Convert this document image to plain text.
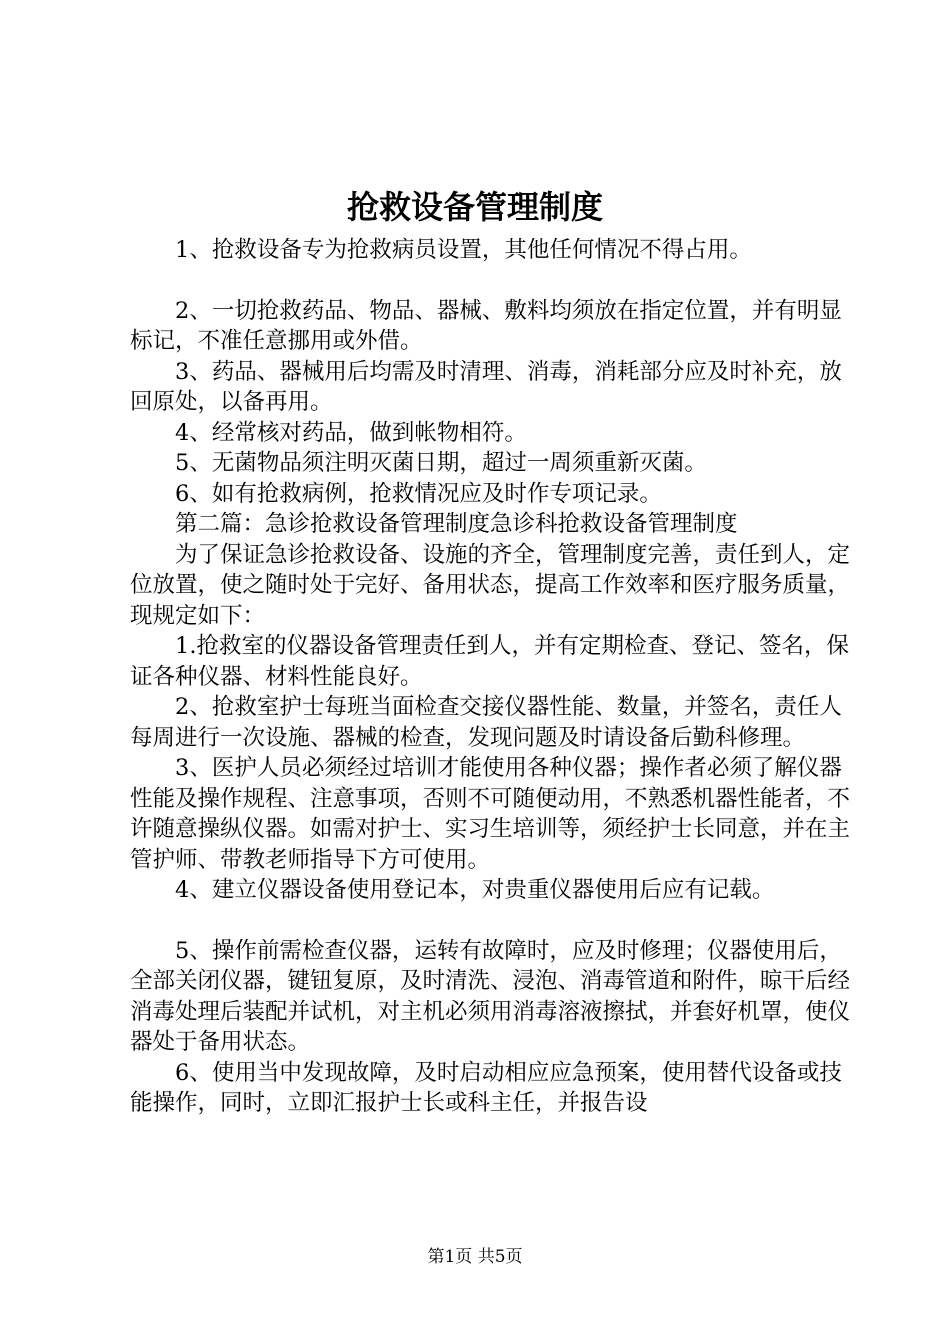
抢救设备管理制度

1、抢救设备专为抢救病员设置，其他任何情况不得占用。

2、一切抢救药品、物品、器械、敷料均须放在指定位置，并有明显标记，不准任意挪用或外借。

3、药品、器械用后均需及时清理、消毒，消耗部分应及时补充，放回原处，以备再用。

4、经常核对药品，做到帐物相符。

5、无菌物品须注明灭菌日期，超过一周须重新灭菌。

6、如有抢救病例，抢救情况应及时作专项记录。

第二篇：急诊抢救设备管理制度急诊科抢救设备管理制度

为了保证急诊抢救设备、设施的齐全，管理制度完善，责任到人，定位放置，使之随时处于完好、备用状态，提高工作效率和医疗服务质量，现规定如下：

1.抢救室的仪器设备管理责任到人，并有定期检查、登记、签名，保证各种仪器、材料性能良好。

2、抢救室护士每班当面检查交接仪器性能、数量，并签名，责任人每周进行一次设施、器械的检查，发现问题及时请设备后勤科修理。

3、医护人员必须经过培训才能使用各种仪器；操作者必须了解仪器性能及操作规程、注意事项，否则不可随便动用，不熟悉机器性能者，不许随意操纵仪器。如需对护士、实习生培训等，须经护士长同意，并在主管护师、带教老师指导下方可使用。

4、建立仪器设备使用登记本，对贵重仪器使用后应有记载。

5、操作前需检查仪器，运转有故障时，应及时修理；仪器使用后，全部关闭仪器，键钮复原，及时清洗、浸泡、消毒管道和附件，晾干后经消毒处理后装配并试机，对主机必须用消毒溶液擦拭，并套好机罩，使仪器处于备用状态。

6、使用当中发现故障，及时启动相应应急预案，使用替代设备或技能操作，同时，立即汇报护士长或科主任，并报告设

第1页 共5页
